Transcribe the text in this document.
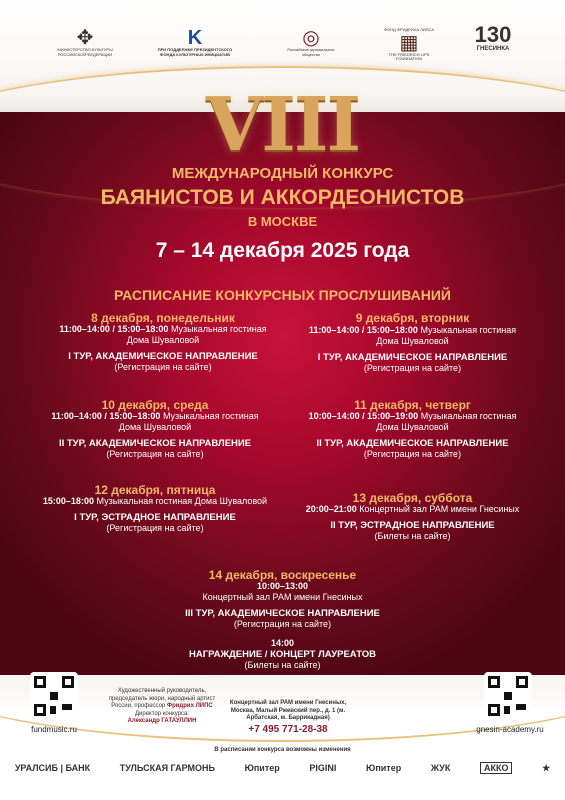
✥
МИНИСТЕРСТВО КУЛЬТУРЫ РОССИЙСКОЙ ФЕДЕРАЦИИ
K
ПРИ ПОДДЕРЖКЕ ПРЕЗИДЕНТСКОГО ФОНДА КУЛЬТУРНЫХ ИНИЦИАТИВ
◎
Российское музыкальное общество
ФОНД ФРИДРИХА ЛИПСА
▦
THE FRIEDRICH LIPS FOUNDATION
130
ГНЕСИНКА
VIII
МЕЖДУНАРОДНЫЙ КОНКУРС
БАЯНИСТОВ И АККОРДЕОНИСТОВ
В МОСКВЕ
7 – 14 декабря 2025 года
РАСПИСАНИЕ КОНКУРСНЫХ ПРОСЛУШИВАНИЙ
8 декабря, понедельник
11:00–14:00 / 15:00–18:00 Музыкальная гостиная Дома Шуваловой
I ТУР, АКАДЕМИЧЕСКОЕ НАПРАВЛЕНИЕ
(Регистрация на сайте)
9 декабря, вторник
11:00–14:00 / 15:00–18:00 Музыкальная гостиная Дома Шуваловой
I ТУР, АКАДЕМИЧЕСКОЕ НАПРАВЛЕНИЕ
(Регистрация на сайте)
10 декабря, среда
11:00–14:00 / 15:00–18:00 Музыкальная гостиная Дома Шуваловой
II ТУР, АКАДЕМИЧЕСКОЕ НАПРАВЛЕНИЕ
(Регистрация на сайте)
11 декабря, четверг
10:00–14:00 / 15:00–19:00 Музыкальная гостиная Дома Шуваловой
II ТУР, АКАДЕМИЧЕСКОЕ НАПРАВЛЕНИЕ
(Регистрация на сайте)
12 декабря, пятница
15:00–18:00 Музыкальная гостиная Дома Шуваловой
I ТУР, ЭСТРАДНОЕ НАПРАВЛЕНИЕ
(Регистрация на сайте)
13 декабря, суббота
20:00–21:00 Концертный зал РАМ имени Гнесиных
II ТУР, ЭСТРАДНОЕ НАПРАВЛЕНИЕ
(Билеты на сайте)
14 декабря, воскресенье
10:00–13:00
Концертный зал РАМ имени Гнесиных
III ТУР, АКАДЕМИЧЕСКОЕ НАПРАВЛЕНИЕ
(Регистрация на сайте)
14:00
НАГРАЖДЕНИЕ / КОНЦЕРТ ЛАУРЕАТОВ
(Билеты на сайте)
fundmusic.ru	gnesin-academy.ru
Художественный руководитель, председатель жюри, народный артист России, профессор Фридрих ЛИПС
Директор конкурса:
Александр ГАТАУЛЛИН
Концертный зал РАМ имени Гнесиных, Москва, Малый Ржевский пер., д. 1 (м. Арбатская, м. Баррикадная)
+7 495 771-28-38
В расписании конкурса возможны изменения
УРАЛСИБ | БАНК	ТУЛЬСКАЯ ГАРМОНЬ	Юпитер	PIGINI	Юпитер	ЖУК	АККО	★
